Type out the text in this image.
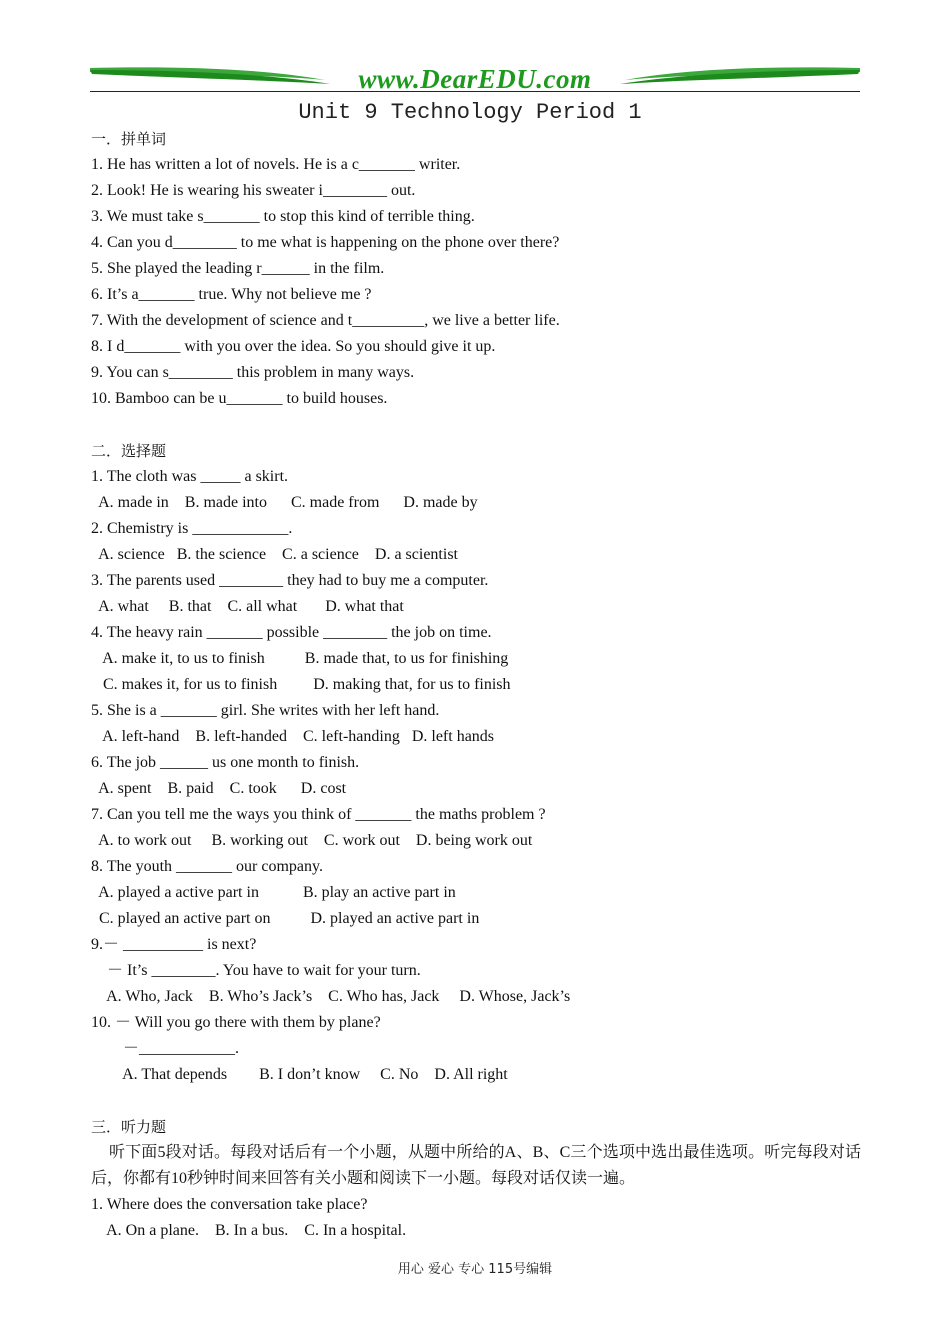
www.DearEDU.com
Unit 9 Technology Period 1
一．拼单词
1. He has written a lot of novels. He is a c_______ writer.
2. Look! He is wearing his sweater i________ out.
3. We must take s_______ to stop this kind of terrible thing.
4. Can you d________ to me what is happening on the phone over there?
5. She played the leading r______ in the film.
6. It’s a_______ true. Why not believe me ?
7. With the development of science and t_________, we live a better life.
8. I d_______ with you over the idea. So you should give it up.
9. You can s________ this problem in many ways.
10. Bamboo can be u_______ to build houses.
二．选择题
1. The cloth was _____ a skirt.
A. made in    B. made into      C. made from      D. made by
2. Chemistry is ____________.
A. science   B. the science    C. a science    D. a scientist
3. The parents used ________ they had to buy me a computer.
A. what     B. that    C. all what       D. what that
4. The heavy rain _______ possible ________ the job on time.
A. make it, to us to finish          B. made that, to us for finishing
C. makes it, for us to finish         D. making that, for us to finish
5. She is a _______ girl. She writes with her left hand.
A. left-hand    B. left-handed    C. left-handing   D. left hands
6. The job ______ us one month to finish.
A. spent    B. paid    C. took      D. cost
7. Can you tell me the ways you think of _______ the maths problem ?
A. to work out     B. working out    C. work out    D. being work out
8. The youth _______ our company.
A. played a active part in           B. play an active part in
C. played an active part on          D. played an active part in
9.－ __________ is next?
－ It’s ________. You have to wait for your turn.
A. Who, Jack    B. Who’s Jack’s    C. Who has, Jack     D. Whose, Jack’s
10. － Will you go there with them by plane?
－____________.
A. That depends        B. I don’t know     C. No    D. All right
三．听力题
听下面5段对话。每段对话后有一个小题，从题中所给的A、B、C三个选项中选出最佳选项。听完每段对话后，你都有10秒钟时间来回答有关小题和阅读下一小题。每段对话仅读一遍。
1. Where does the conversation take place?
A. On a plane.    B. In a bus.    C. In a hospital.
用心 爱心 专心 115号编辑
